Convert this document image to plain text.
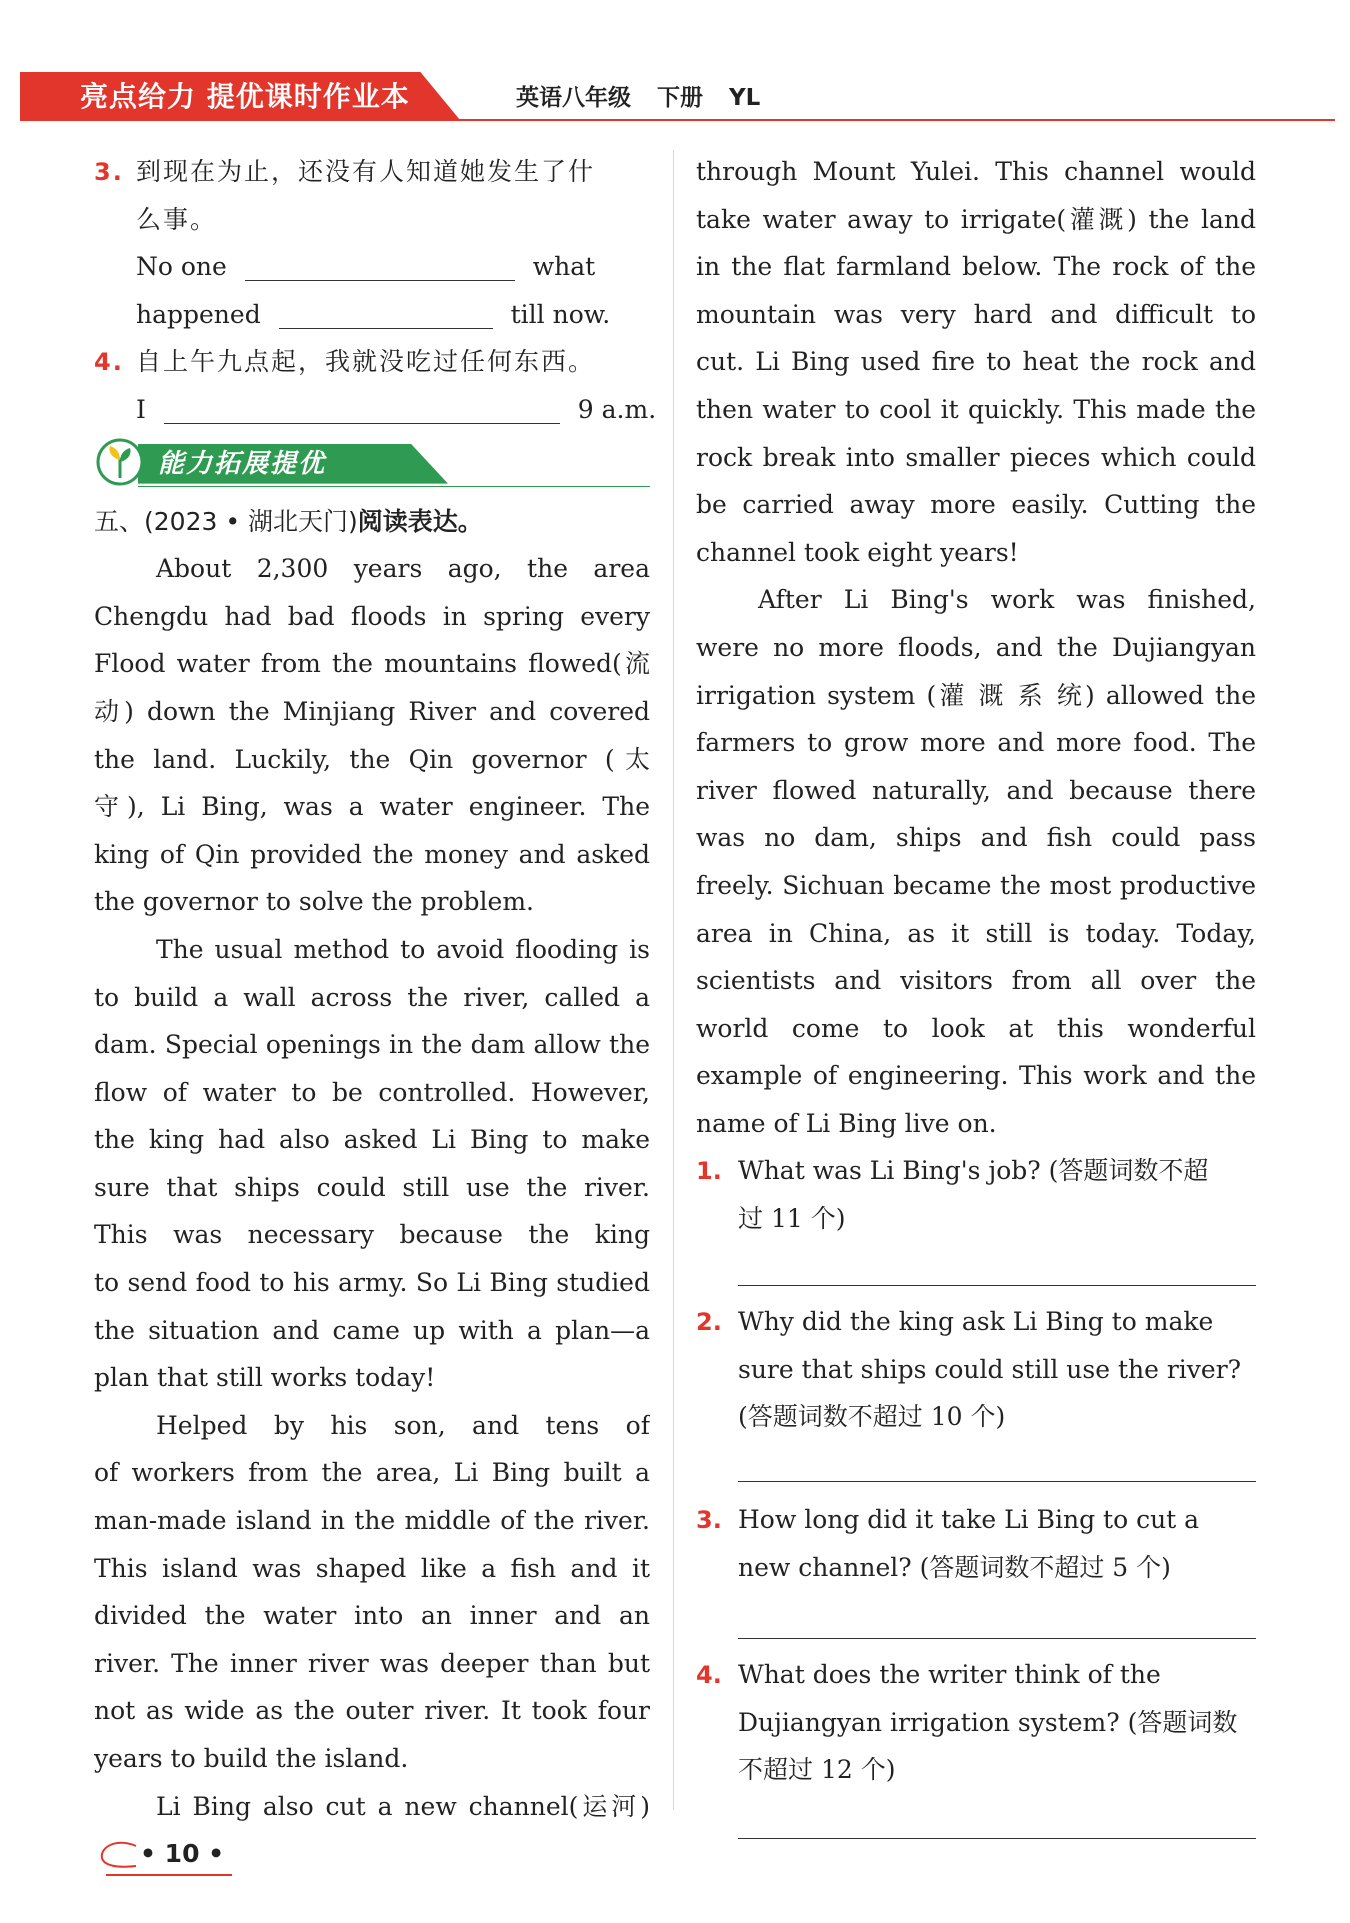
亮点给力 提优课时作业本	英语八年级 下册 YL
3. 到现在为止，还没有人知道她发生了什
么事。
No one	what
happened	till now.
4. 自上午九点起，我就没吃过任何东西。
I	9 a.m.
能力拓展提优
五、(2023 • 湖北天门)阅读表达。
About 2,300 years ago, the area
Chengdu had bad floods in spring every
Flood water from the mountains flowed(流
动) down the Minjiang River and covered
the land. Luckily, the Qin governor (太
守), Li Bing, was a water engineer. The
king of Qin provided the money and asked
the governor to solve the problem.
The usual method to avoid flooding is
to build a wall across the river, called a
dam. Special openings in the dam allow the
flow of water to be controlled. However,
the king had also asked Li Bing to make
sure that ships could still use the river.
This was necessary because the king
to send food to his army. So Li Bing studied
the situation and came up with a plan—a
plan that still works today!
Helped by his son, and tens of
of workers from the area, Li Bing built a
man-made island in the middle of the river.
This island was shaped like a fish and it
divided the water into an inner and an
river. The inner river was deeper than but
not as wide as the outer river. It took four
years to build the island.
Li Bing also cut a new channel(运河)
through Mount Yulei. This channel would
take water away to irrigate(灌溉) the land
in the flat farmland below. The rock of the
mountain was very hard and difficult to
cut. Li Bing used fire to heat the rock and
then water to cool it quickly. This made the
rock break into smaller pieces which could
be carried away more easily. Cutting the
channel took eight years!
After Li Bing's work was finished,
were no more floods, and the Dujiangyan
irrigation system (灌 溉 系 统) allowed the
farmers to grow more and more food. The
river flowed naturally, and because there
was no dam, ships and fish could pass
freely. Sichuan became the most productive
area in China, as it still is today. Today,
scientists and visitors from all over the
world come to look at this wonderful
example of engineering. This work and the
name of Li Bing live on.
1. What was Li Bing's job? (答题词数不超
过 11 个)
2. Why did the king ask Li Bing to make
sure that ships could still use the river?
(答题词数不超过 10 个)
3. How long did it take Li Bing to cut a
new channel? (答题词数不超过 5 个)
4. What does the writer think of the
Dujiangyan irrigation system? (答题词数
不超过 12 个)
• 10 •
